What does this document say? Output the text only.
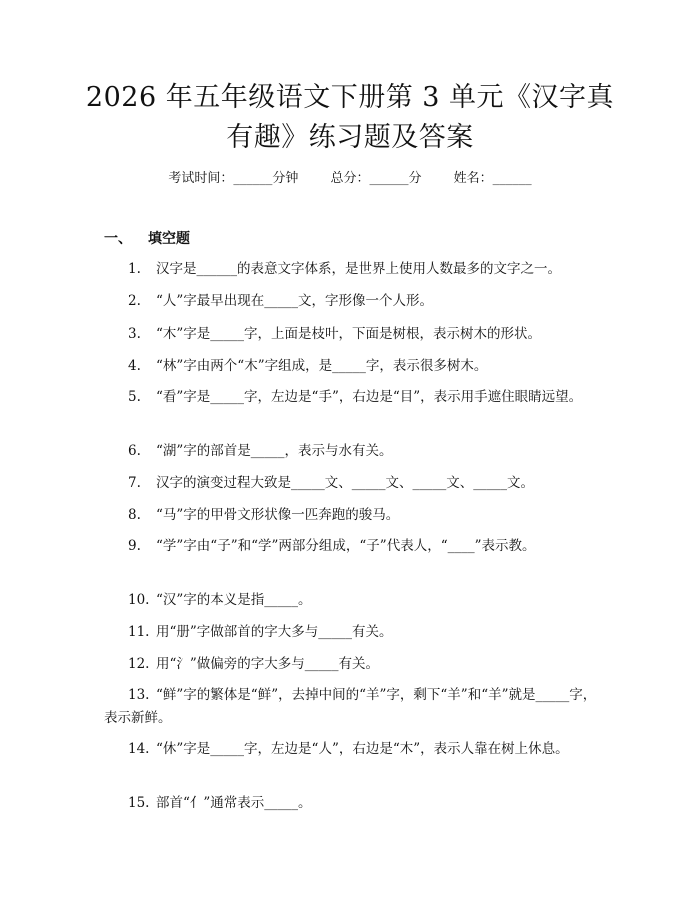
2026 年五年级语文下册第 3 单元《汉字真有趣》练习题及答案
考试时间：______分钟 总分：______分 姓名：______
一、 填空题
1. 汉字是______的表意文字体系，是世界上使用人数最多的文字之一。
2. “人”字最早出现在_____文，字形像一个人形。
3. “木”字是_____字，上面是枝叶，下面是树根，表示树木的形状。
4. “林”字由两个“木”字组成，是_____字，表示很多树木。
5. “看”字是_____字，左边是“手”，右边是“目”，表示用手遮住眼睛远望。
6. “湖”字的部首是_____，表示与水有关。
7. 汉字的演变过程大致是_____文、_____文、_____文、_____文。
8. “马”字的甲骨文形状像一匹奔跑的骏马。
9. “学”字由“子”和“学”两部分组成，“子”代表人，“____”表示教。
10. “汉”字的本义是指_____。
11. 用“册”字做部首的字大多与_____有关。
12. 用“氵”做偏旁的字大多与_____有关。
13. “鲜”字的繁体是“鲜”，去掉中间的“羊”字，剩下“羊”和“羊”就是_____字，表示新鲜。
14. “休”字是_____字，左边是“人”，右边是“木”，表示人靠在树上休息。
15. 部首“亻”通常表示_____。
